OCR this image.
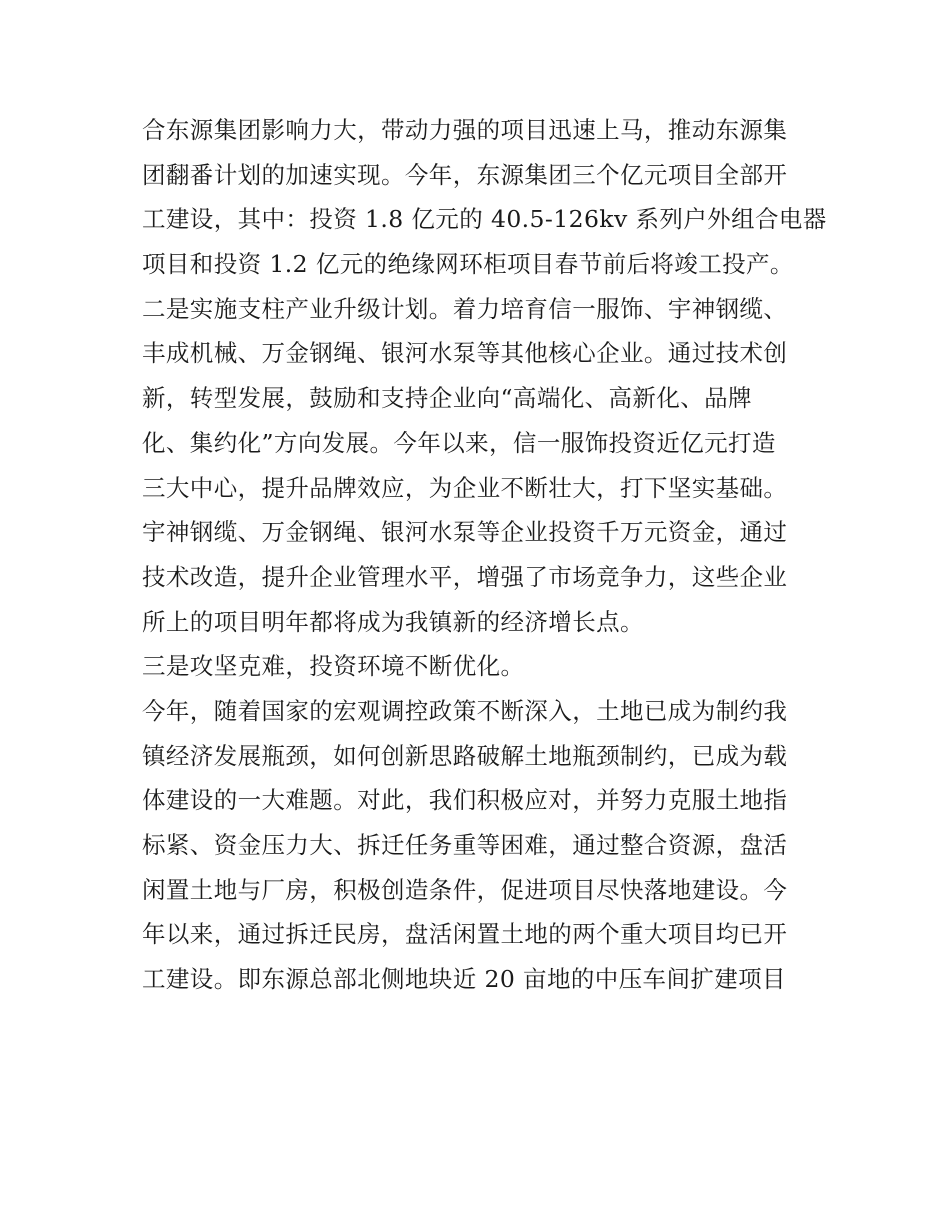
合东源集团影响力大，带动力强的项目迅速上马，推动东源集
团翻番计划的加速实现。今年，东源集团三个亿元项目全部开
工建设，其中：投资 1.8 亿元的 40.5-126kv 系列户外组合电器
项目和投资 1.2 亿元的绝缘网环柜项目春节前后将竣工投产。
二是实施支柱产业升级计划。着力培育信一服饰、宇神钢缆、
丰成机械、万金钢绳、银河水泵等其他核心企业。通过技术创
新，转型发展，鼓励和支持企业向“高端化、高新化、品牌
化、集约化”方向发展。今年以来，信一服饰投资近亿元打造
三大中心，提升品牌效应，为企业不断壮大，打下坚实基础。
宇神钢缆、万金钢绳、银河水泵等企业投资千万元资金，通过
技术改造，提升企业管理水平，增强了市场竞争力，这些企业
所上的项目明年都将成为我镇新的经济增长点。
三是攻坚克难，投资环境不断优化。
今年，随着国家的宏观调控政策不断深入，土地已成为制约我
镇经济发展瓶颈，如何创新思路破解土地瓶颈制约，已成为载
体建设的一大难题。对此，我们积极应对，并努力克服土地指
标紧、资金压力大、拆迁任务重等困难，通过整合资源，盘活
闲置土地与厂房，积极创造条件，促进项目尽快落地建设。今
年以来，通过拆迁民房，盘活闲置土地的两个重大项目均已开
工建设。即东源总部北侧地块近 20 亩地的中压车间扩建项目
